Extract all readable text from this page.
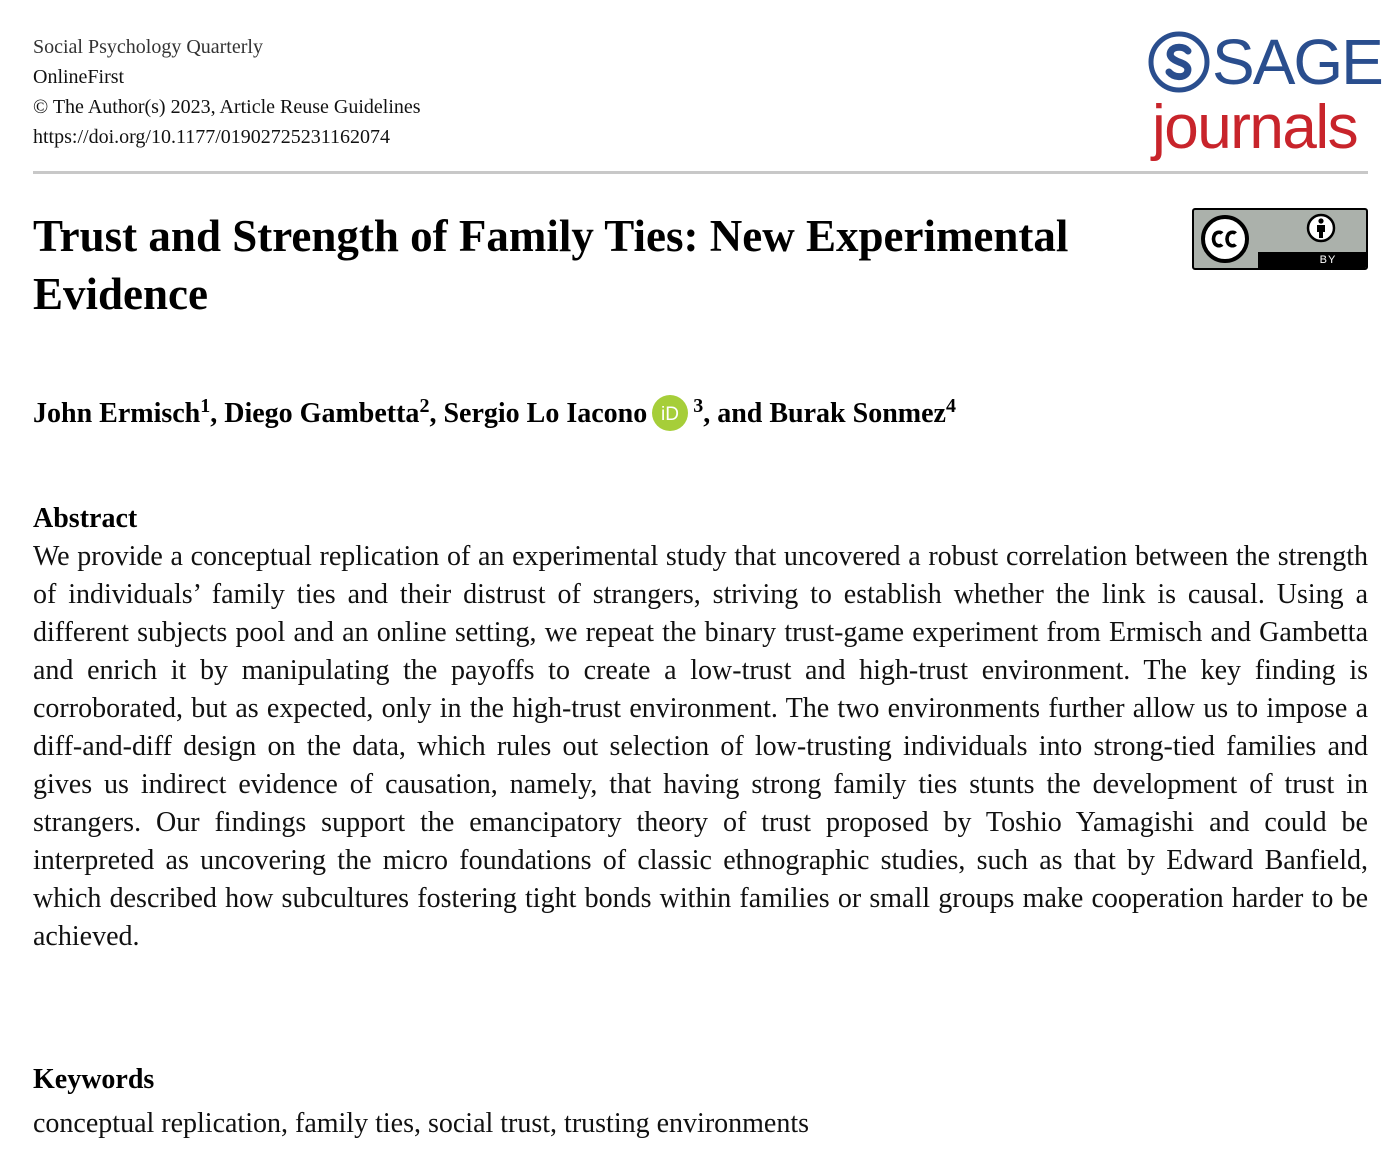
Social Psychology Quarterly
OnlineFirst
© The Author(s) 2023, Article Reuse Guidelines
https://doi.org/10.1177/01902725231162074
SAGE
journals
Trust and Strength of Family Ties: New Experimental Evidence
BY
John Ermisch$^1$, Diego Gambetta$^2$, Sergio Lo Iacono iD $^3$, and Burak Sonmez$^4$
Abstract

We provide a conceptual replication of an experimental study that uncovered a robust correlation between the strength of individuals’ family ties and their distrust of strangers, striving to establish whether the link is causal. Using a different subjects pool and an online setting, we repeat the binary trust-game experiment from Ermisch and Gambetta and enrich it by manipulating the payoffs to create a low-trust and high-trust environment. The key finding is corroborated, but as expected, only in the high-trust environment. The two environments further allow us to impose a diff-and-diff design on the data, which rules out selection of low-trusting individuals into strong-tied families and gives us indirect evidence of causation, namely, that having strong family ties stunts the development of trust in strangers. Our findings support the emancipatory theory of trust proposed by Toshio Yamagishi and could be interpreted as uncovering the micro foundations of classic ethnographic studies, such as that by Edward Banfield, which described how subcultures fostering tight bonds within families or small groups make cooperation harder to be achieved.

Keywords

conceptual replication, family ties, social trust, trusting environments
